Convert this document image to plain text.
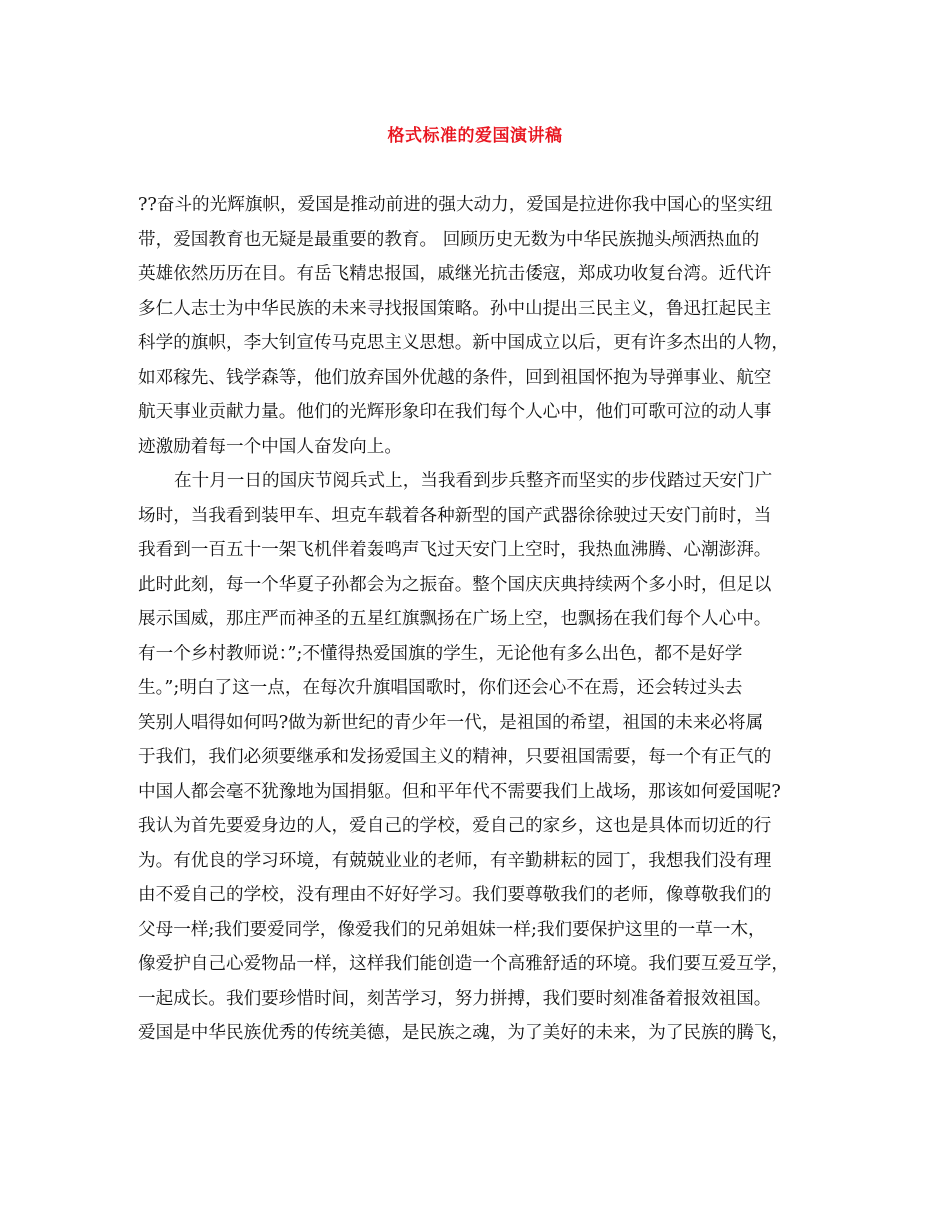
格式标准的爱国演讲稿
??奋斗的光辉旗帜，爱国是推动前进的强大动力，爱国是拉进你我中国心的坚实纽
带，爱国教育也无疑是最重要的教育。 回顾历史无数为中华民族抛头颅洒热血的
英雄依然历历在目。有岳飞精忠报国，戚继光抗击倭寇，郑成功收复台湾。近代许
多仁人志士为中华民族的未来寻找报国策略。孙中山提出三民主义，鲁迅扛起民主
科学的旗帜，李大钊宣传马克思主义思想。新中国成立以后，更有许多杰出的人物，
如邓稼先、钱学森等，他们放弃国外优越的条件，回到祖国怀抱为导弹事业、航空
航天事业贡献力量。他们的光辉形象印在我们每个人心中，他们可歌可泣的动人事
迹激励着每一个中国人奋发向上。
在十月一日的国庆节阅兵式上，当我看到步兵整齐而坚实的步伐踏过天安门广
场时，当我看到装甲车、坦克车载着各种新型的国产武器徐徐驶过天安门前时，当
我看到一百五十一架飞机伴着轰鸣声飞过天安门上空时，我热血沸腾、心潮澎湃。
此时此刻，每一个华夏子孙都会为之振奋。整个国庆庆典持续两个多小时，但足以
展示国威，那庄严而神圣的五星红旗飘扬在广场上空，也飘扬在我们每个人心中。
有一个乡村教师说：”;不懂得热爱国旗的学生，无论他有多么出色，都不是好学
生。”;明白了这一点，在每次升旗唱国歌时，你们还会心不在焉，还会转过头去
笑别人唱得如何吗?做为新世纪的青少年一代，是祖国的希望，祖国的未来必将属
于我们，我们必须要继承和发扬爱国主义的精神，只要祖国需要，每一个有正气的
中国人都会毫不犹豫地为国捐躯。但和平年代不需要我们上战场，那该如何爱国呢?
我认为首先要爱身边的人，爱自己的学校，爱自己的家乡，这也是具体而切近的行
为。有优良的学习环境，有兢兢业业的老师，有辛勤耕耘的园丁，我想我们没有理
由不爱自己的学校，没有理由不好好学习。我们要尊敬我们的老师，像尊敬我们的
父母一样;我们要爱同学，像爱我们的兄弟姐妹一样;我们要保护这里的一草一木，
像爱护自己心爱物品一样，这样我们能创造一个高雅舒适的环境。我们要互爱互学，
一起成长。我们要珍惜时间，刻苦学习，努力拼搏，我们要时刻准备着报效祖国。
爱国是中华民族优秀的传统美德，是民族之魂，为了美好的未来，为了民族的腾飞，
